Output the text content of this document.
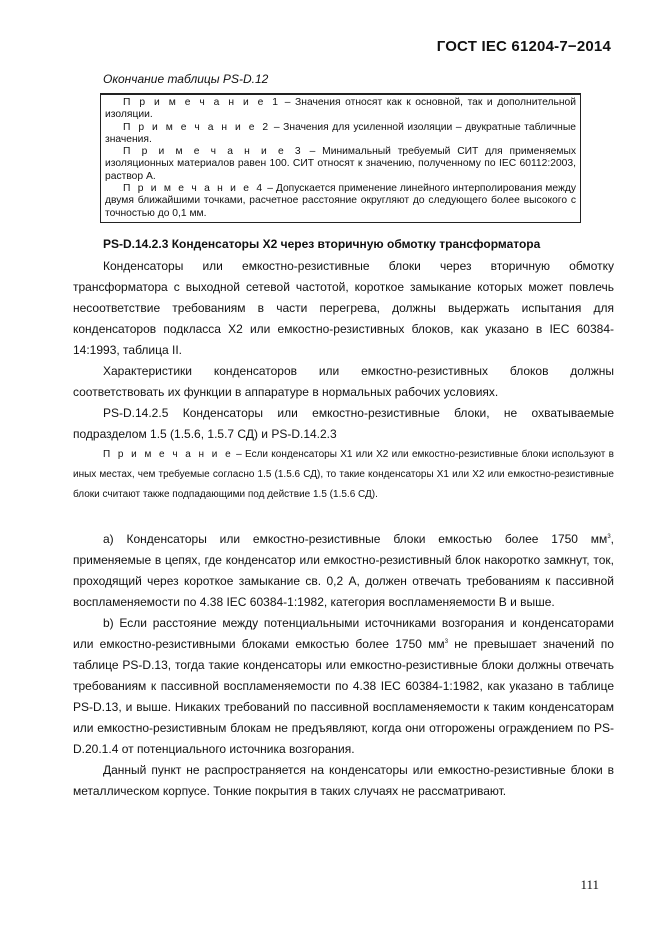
ГОСТ IEC 61204-7−2014
Окончание таблицы PS-D.12

П р и м е ч а н и е 1 – Значения относят как к основной, так и дополнительной изоляции.

П р и м е ч а н и е 2 – Значения для усиленной изоляции – двукратные табличные значения.

П р и м е ч а н и е 3 – Минимальный требуемый СИТ для применяемых изоляционных материалов равен 100. СИТ относят к значению, полученному по IEC 60112:2003, раствор А.

П р и м е ч а н и е 4 – Допускается применение линейного интерполирования между двумя ближайшими точками, расчетное расстояние округляют до следующего более высокого с точностью до 0,1 мм.

PS-D.14.2.3 Конденсаторы Х2 через вторичную обмотку трансформатора

Конденсаторы или емкостно-резистивные блоки через вторичную обмотку трансформатора с выходной сетевой частотой, короткое замыкание которых может повлечь несоответствие требованиям в части перегрева, должны выдержать испытания для конденсаторов подкласса Х2 или емкостно-резистивных блоков, как указано в IEC 60384-14:1993, таблица II.

Характеристики конденсаторов или емкостно-резистивных блоков должны соответствовать их функции в аппаратуре в нормальных рабочих условиях.

PS-D.14.2.5 Конденсаторы или емкостно-резистивные блоки, не охватываемые подразделом 1.5 (1.5.6, 1.5.7 СД) и PS-D.14.2.3

П р и м е ч а н и е – Если конденсаторы X1 или X2 или емкостно-резистивные блоки используют в иных местах, чем требуемые согласно 1.5 (1.5.6 СД), то такие конденсаторы X1 или X2 или емкостно-резистивные блоки считают также подпадающими под действие 1.5 (1.5.6 СД).

a) Конденсаторы или емкостно-резистивные блоки емкостью более 1750 $мм^3$, применяемые в цепях, где конденсатор или емкостно-резистивный блок накоротко замкнут, ток, проходящий через короткое замыкание св. 0,2 А, должен отвечать требованиям к пассивной воспламеняемости по 4.38 IEC 60384-1:1982, категория воспламеняемости В и выше.

b) Если расстояние между потенциальными источниками возгорания и конденсаторами или емкостно-резистивными блоками емкостью более 1750 $мм^3$ не превышает значений по таблице PS-D.13, тогда такие конденсаторы или емкостно-резистивные блоки должны отвечать требованиям к пассивной воспламеняемости по 4.38 IEC 60384-1:1982, как указано в таблице PS-D.13, и выше. Никаких требований по пассивной воспламеняемости к таким конденсаторам или емкостно-резистивным блокам не предъявляют, когда они отгорожены ограждением по PS-D.20.1.4 от потенциального источника возгорания.

Данный пункт не распространяется на конденсаторы или емкостно-резистивные блоки в металлическом корпусе. Тонкие покрытия в таких случаях не рассматривают.

111
